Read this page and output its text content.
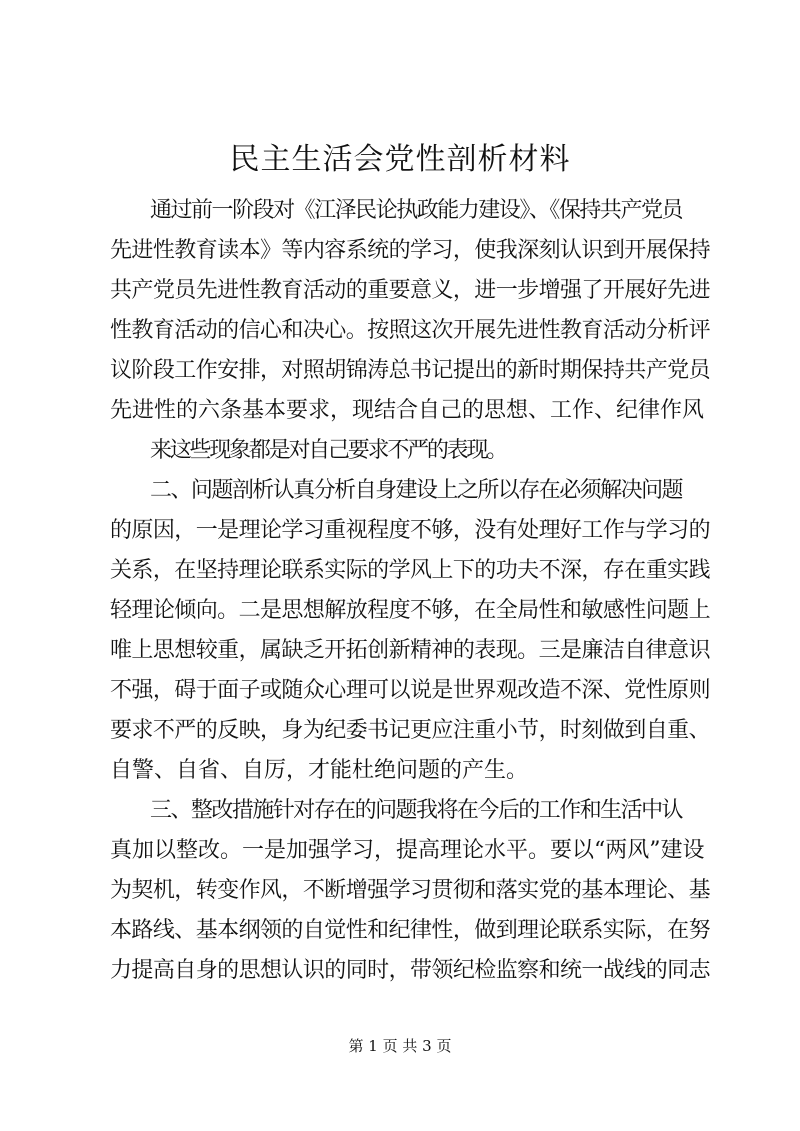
民主生活会党性剖析材料
通过前一阶段对《江泽民论执政能力建设》、《保持共产党员
先进性教育读本》等内容系统的学习，使我深刻认识到开展保持
共产党员先进性教育活动的重要意义，进一步增强了开展好先进
性教育活动的信心和决心。按照这次开展先进性教育活动分析评
议阶段工作安排，对照胡锦涛总书记提出的新时期保持共产党员
先进性的六条基本要求，现结合自己的思想、工作、纪律作风
来这些现象都是对自己要求不严的表现。
二、问题剖析认真分析自身建设上之所以存在必须解决问题
的原因，一是理论学习重视程度不够，没有处理好工作与学习的
关系，在坚持理论联系实际的学风上下的功夫不深，存在重实践
轻理论倾向。二是思想解放程度不够，在全局性和敏感性问题上
唯上思想较重，属缺乏开拓创新精神的表现。三是廉洁自律意识
不强，碍于面子或随众心理可以说是世界观改造不深、党性原则
要求不严的反映，身为纪委书记更应注重小节，时刻做到自重、
自警、自省、自厉，才能杜绝问题的产生。
三、整改措施针对存在的问题我将在今后的工作和生活中认
真加以整改。一是加强学习，提高理论水平。要以“两风”建设
为契机，转变作风，不断增强学习贯彻和落实党的基本理论、基
本路线、基本纲领的自觉性和纪律性，做到理论联系实际，在努
力提高自身的思想认识的同时，带领纪检监察和统一战线的同志
第 1 页 共 3 页
